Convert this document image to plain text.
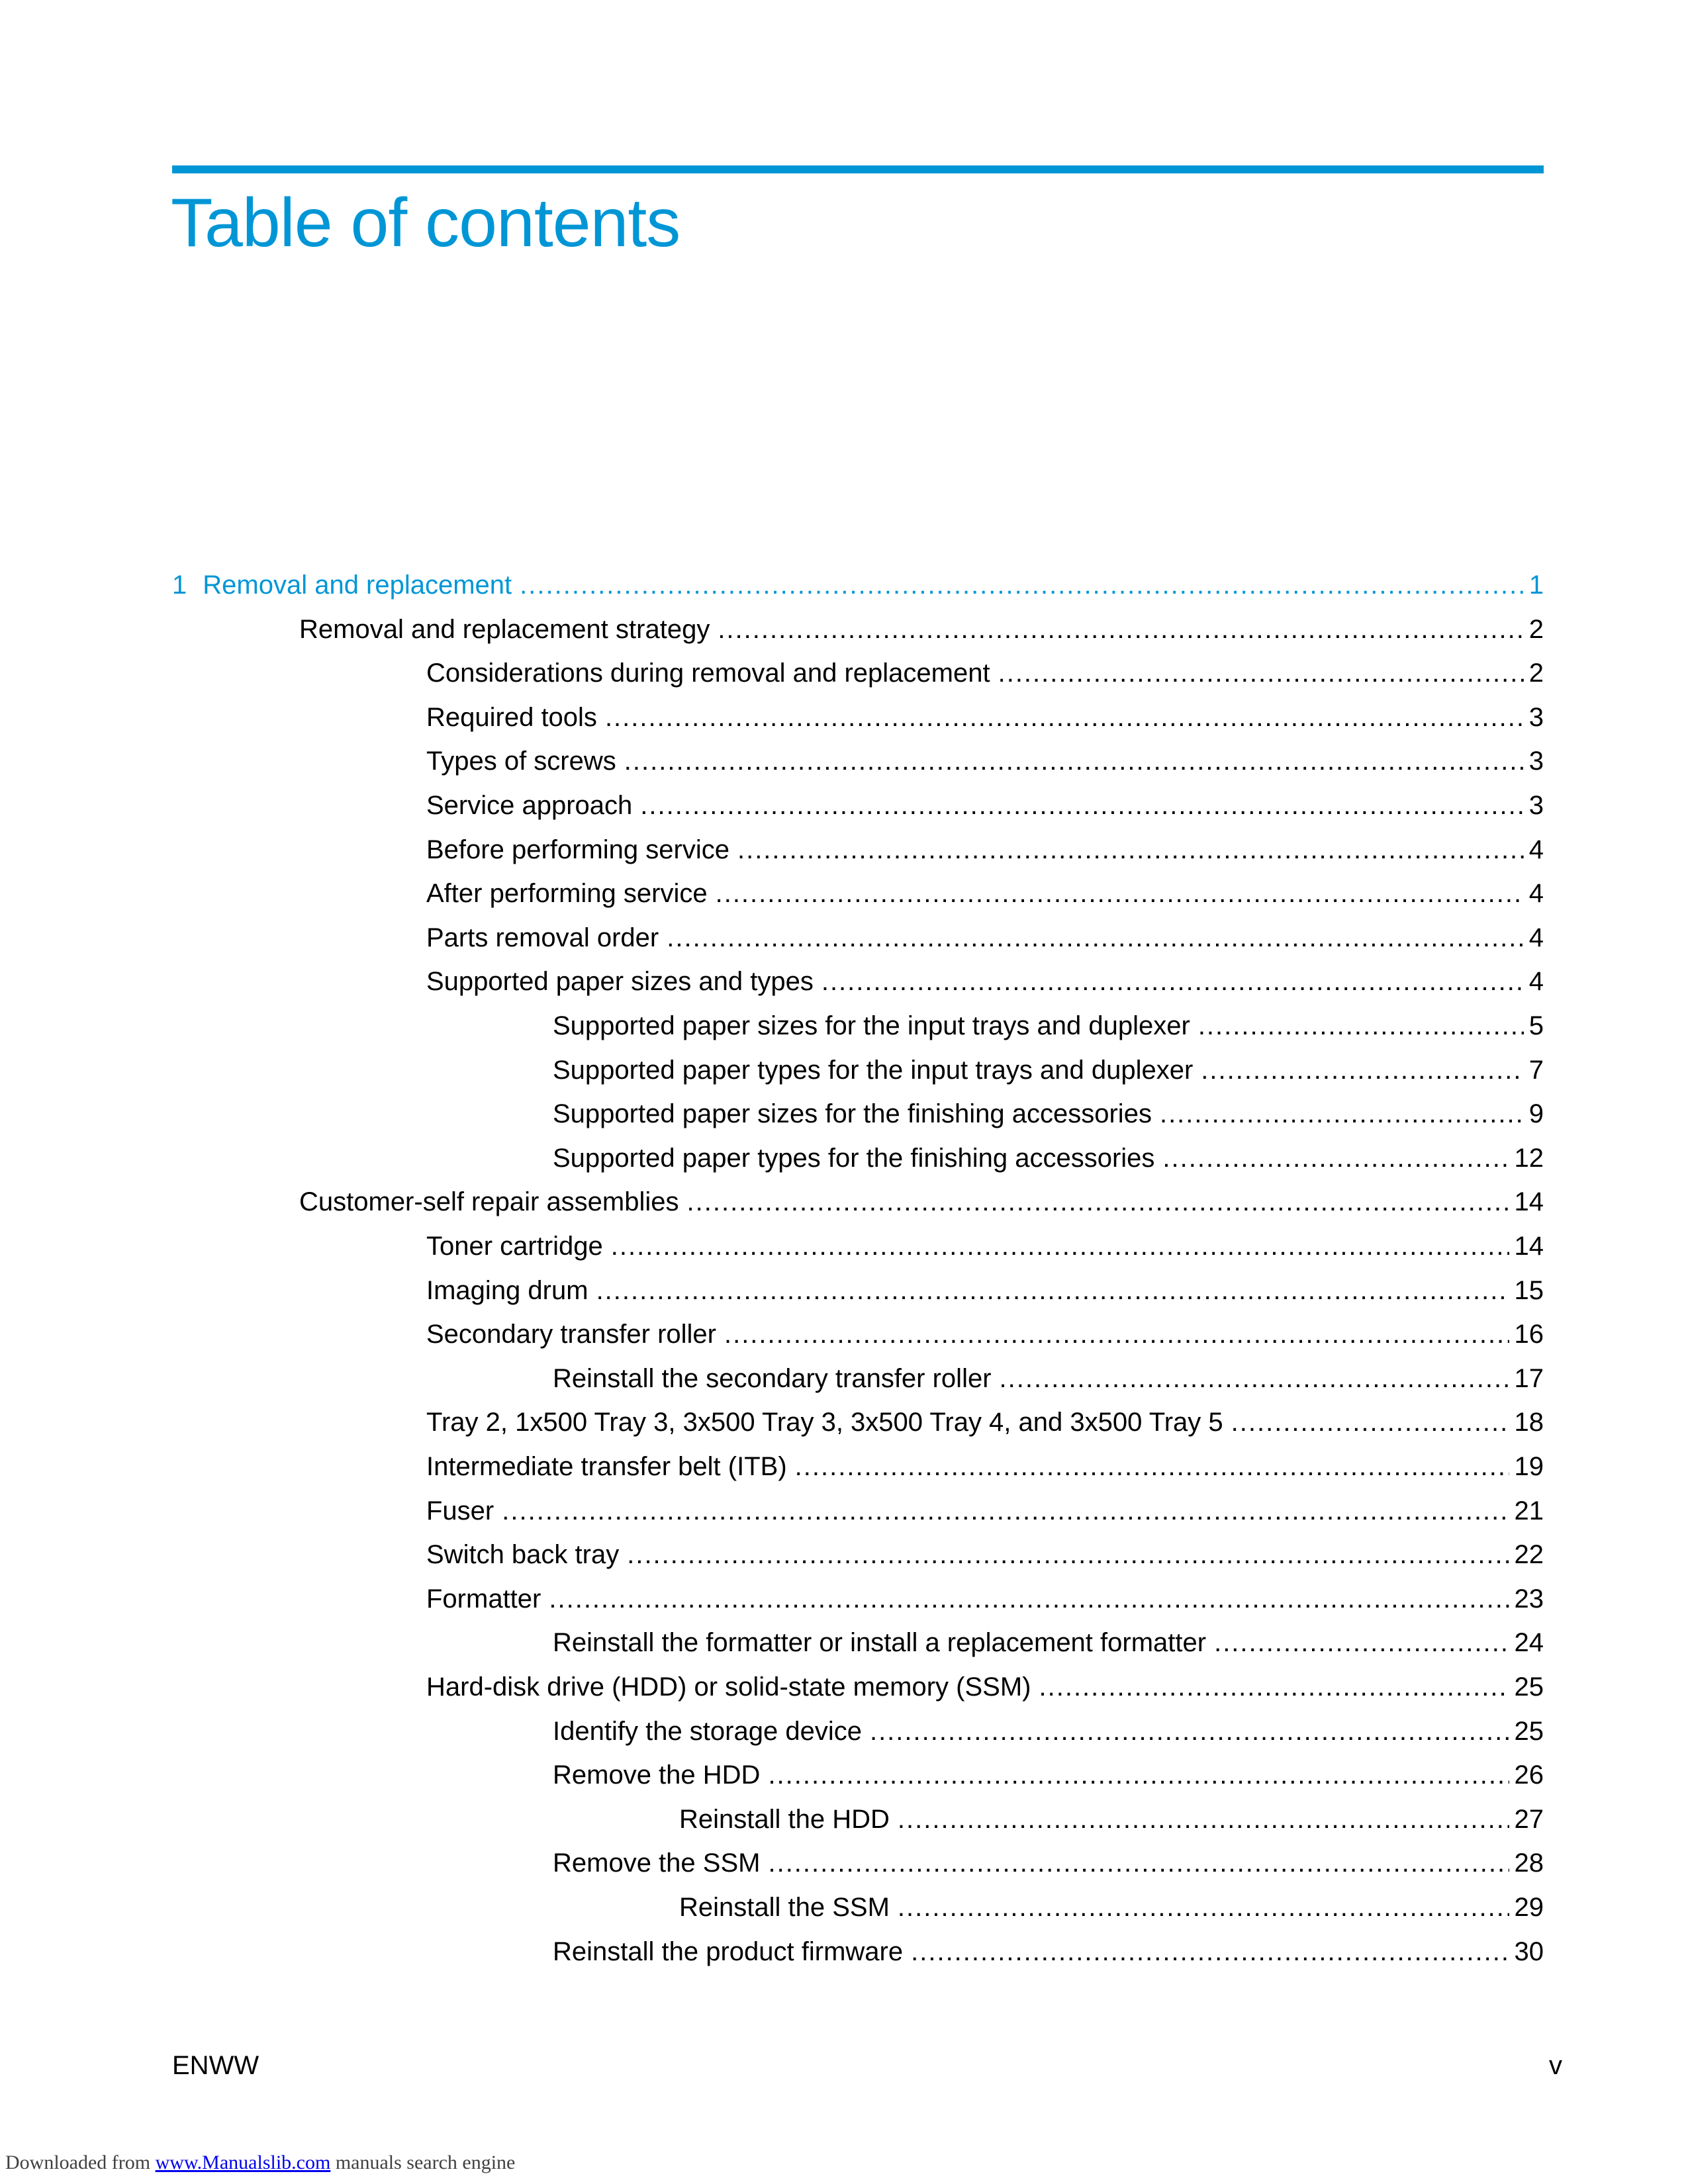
Table of contents
1 Removal and replacement .....	1
Removal and replacement strategy .....	2
Considerations during removal and replacement .....	2
Required tools .....	3
Types of screws .....	3
Service approach .....	3
Before performing service .....	4
After performing service .....	4
Parts removal order .....	4
Supported paper sizes and types .....	4
Supported paper sizes for the input trays and duplexer .....	5
Supported paper types for the input trays and duplexer .....	7
Supported paper sizes for the finishing accessories .....	9
Supported paper types for the finishing accessories .....	12
Customer-self repair assemblies .....	14
Toner cartridge .....	14
Imaging drum .....	15
Secondary transfer roller .....	16
Reinstall the secondary transfer roller .....	17
Tray 2, 1x500 Tray 3, 3x500 Tray 3, 3x500 Tray 4, and 3x500 Tray 5 .....	18
Intermediate transfer belt (ITB) .....	19
Fuser .....	21
Switch back tray .....	22
Formatter .....	23
Reinstall the formatter or install a replacement formatter .....	24
Hard-disk drive (HDD) or solid-state memory (SSM) .....	25
Identify the storage device .....	25
Remove the HDD .....	26
Reinstall the HDD .....	27
Remove the SSM .....	28
Reinstall the SSM .....	29
Reinstall the product firmware .....	30
ENWW	v
Downloaded from www.Manualslib.com manuals search engine
